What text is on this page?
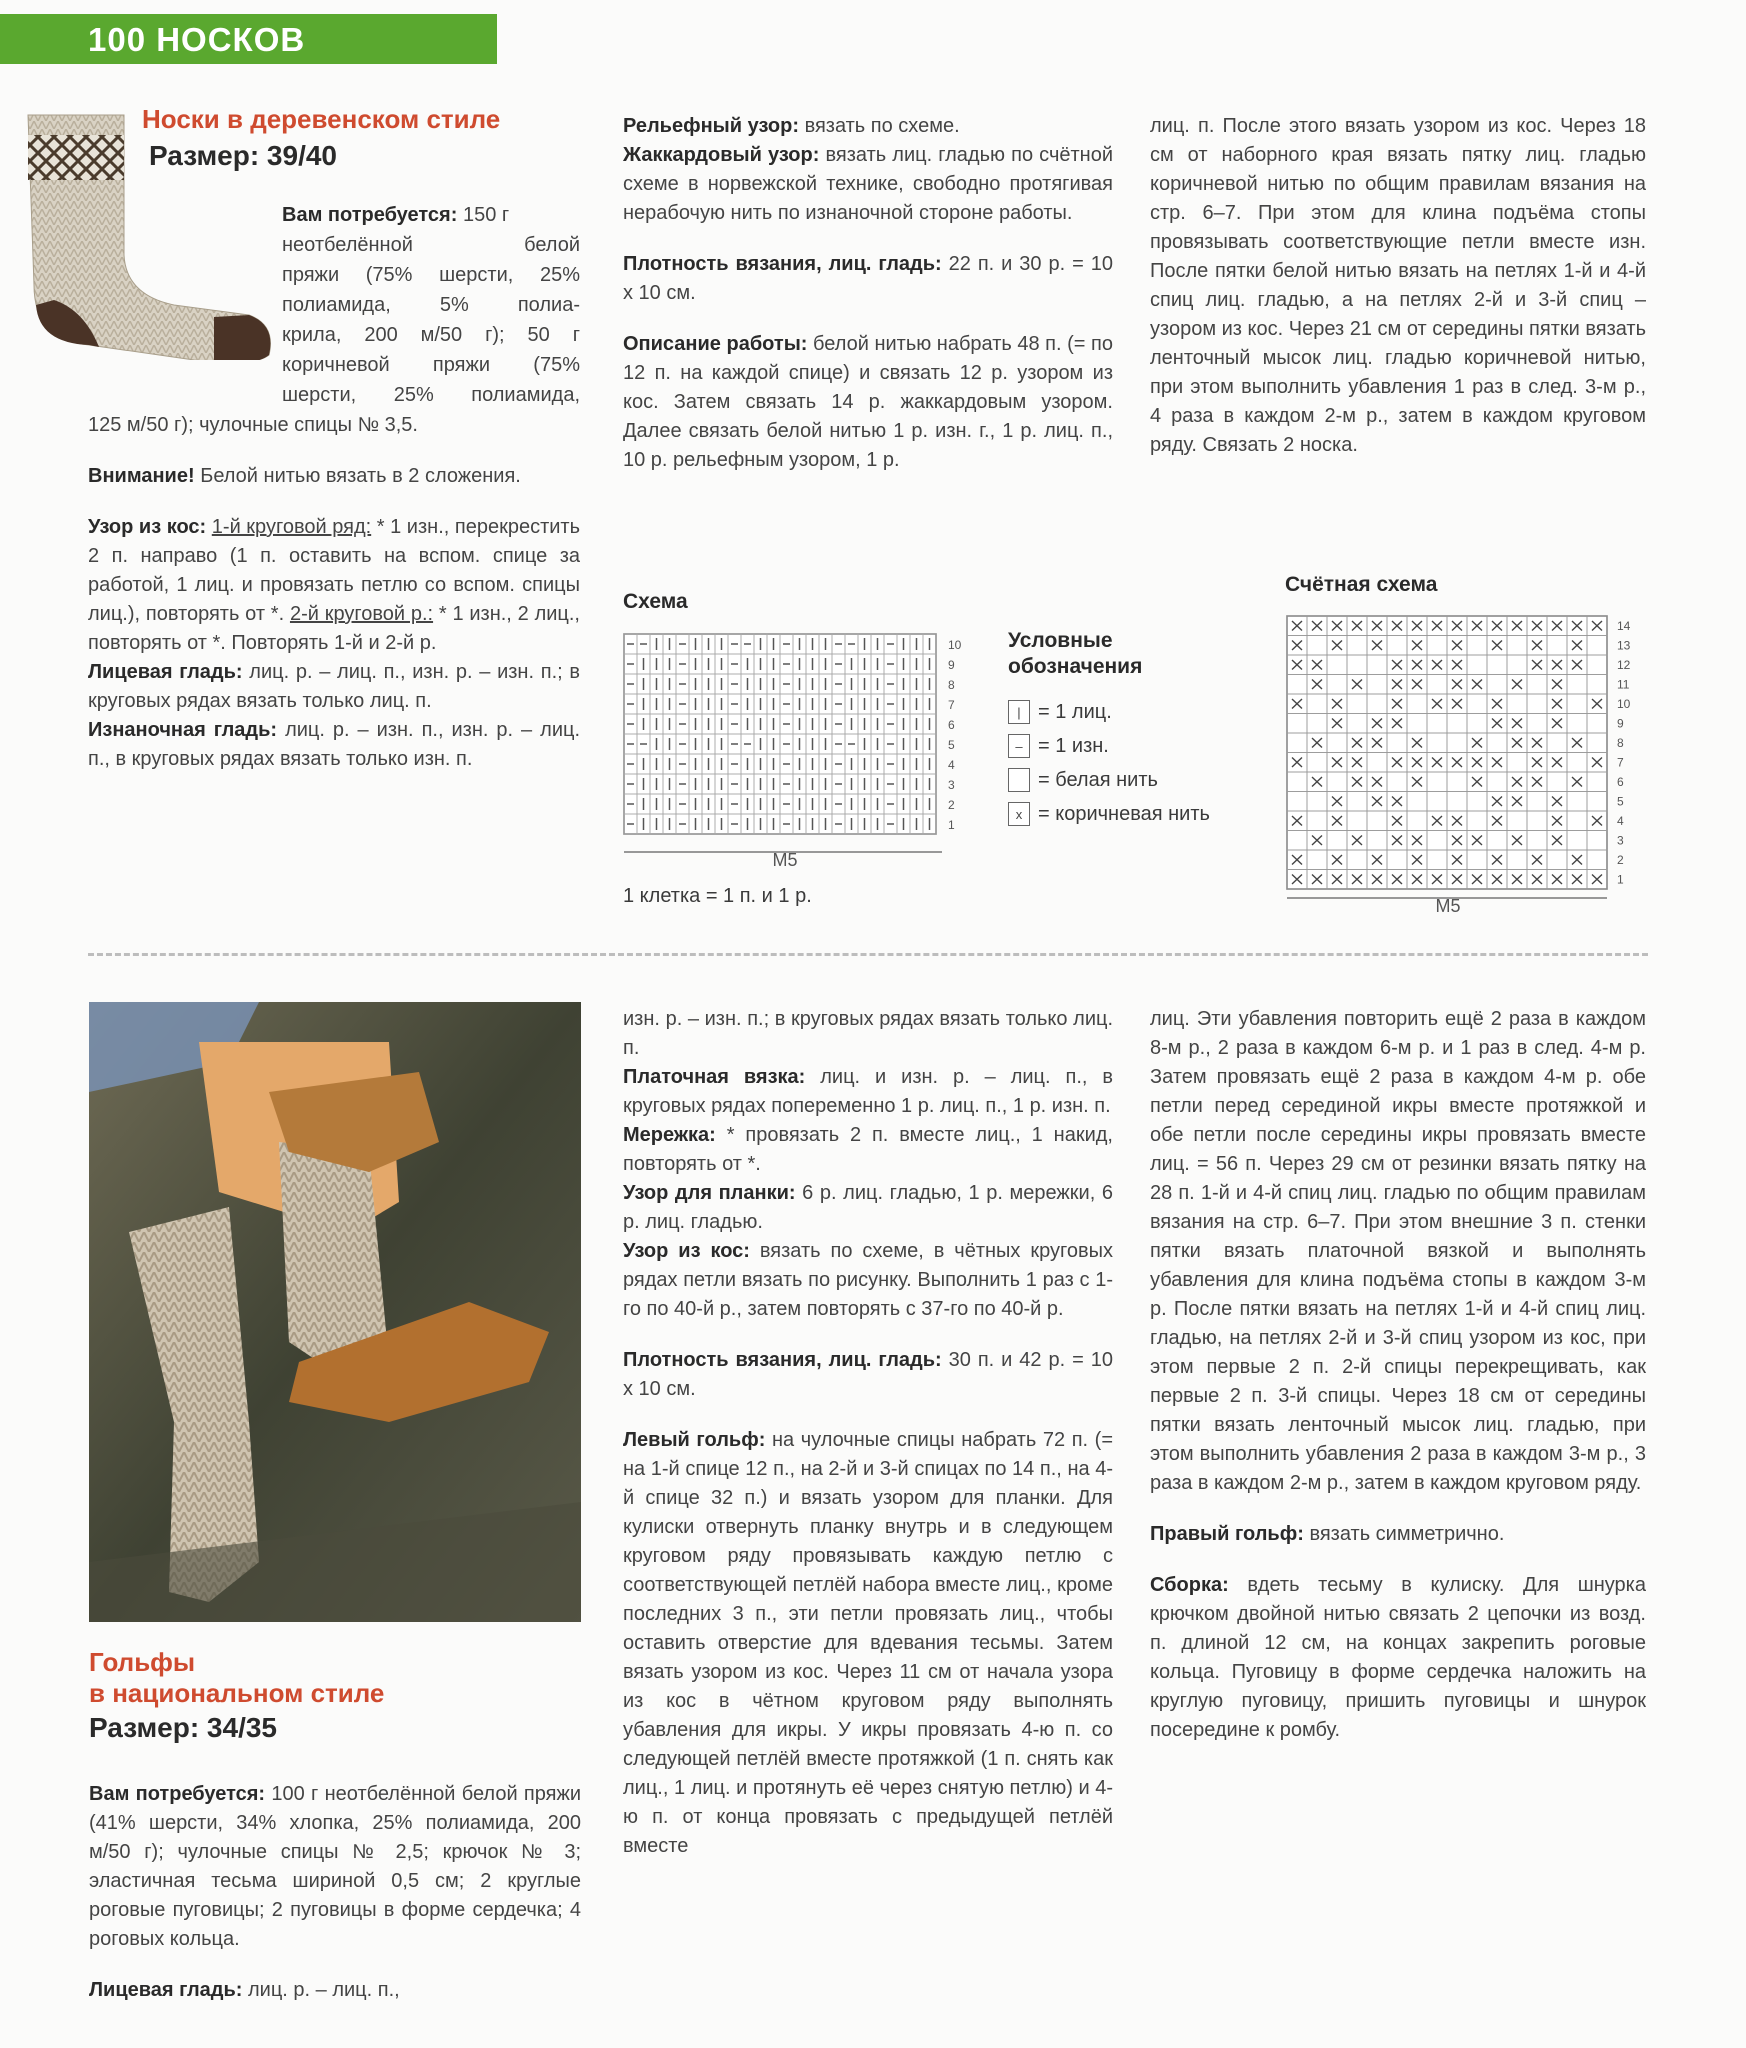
100 НОСКОВ
Носки в деревенском стиле
Размер: 39/40

Вам потребуется: 150 г

неотбелённой белой

пряжи (75% шерсти, 25%

полиамида, 5% полиа-

крила, 200 м/50 г); 50 г

коричневой пряжи (75%

шерсти, 25% полиамида,

125 м/50 г); чулочные спицы № 3,5.

Внимание! Белой нитью вязать в 2 сложения.

Узор из кос: 1-й круговой ряд: * 1 изн., перекрестить 2 п. направо (1 п. оставить на вспом. спице за работой, 1 лиц. и провязать петлю со вспом. спицы лиц.), повторять от *. 2-й круговой р.: * 1 изн., 2 лиц., повторять от *. Повторять 1-й и 2-й р.

Лицевая гладь: лиц. р. – лиц. п., изн. р. – изн. п.; в круговых рядах вязать только лиц. п.

Изнаночная гладь: лиц. р. – изн. п., изн. р. – лиц. п., в круговых рядах вязать только изн. п.

Рельефный узор: вязать по схеме.

Жаккардовый узор: вязать лиц. гладью по счётной схеме в норвежской технике, свободно протягивая нерабочую нить по изнаночной стороне работы.

Плотность вязания, лиц. гладь: 22 п. и 30 р. = 10 х 10 см.

Описание работы: белой нитью набрать 48 п. (= по 12 п. на каждой спице) и связать 12 р. узором из кос. Затем связать 14 р. жаккардовым узором. Далее связать белой нитью 1 р. изн. г., 1 р. лиц. п., 10 р. рельефным узором, 1 р.

лиц. п. После этого вязать узором из кос. Через 18 см от наборного края вязать пятку лиц. гладью коричневой нитью по общим правилам вязания на стр. 6–7. При этом для клина подъёма стопы провязывать соответствующие петли вместе изн. После пятки белой нитью вязать на петлях 1-й и 4-й спиц лиц. гладью, а на петлях 2-й и 3-й спиц – узором из кос. Через 21 см от середины пятки вязать ленточный мысок лиц. гладью коричневой нитью, при этом выполнить убавления 1 раз в след. 3-м р., 4 раза в каждом 2-м р., затем в каждом круговом ряду. Связать 2 носка.

Схема
10
9
8
7
6
5
4
3
2
1
М5
1 клетка = 1 п. и 1 р.
Условные обозначения
| = 1 лиц.
– = 1 изн.
= белая нить
x = коричневая нить
Счётная схема
14
13
12
11
10
9
8
7
6
5
4
3
2
1
М5

Гольфы

в национальном стиле

Размер: 34/35

Вам потребуется: 100 г неотбелённой белой пряжи (41% шерсти, 34% хлопка, 25% полиамида, 200 м/50 г); чулочные спицы № 2,5; крючок № 3; эластичная тесьма шириной 0,5 см; 2 круглые роговые пуговицы; 2 пуговицы в форме сердечка; 4 роговых кольца.

Лицевая гладь: лиц. р. – лиц. п.,

изн. р. – изн. п.; в круговых рядах вязать только лиц. п.

Платочная вязка: лиц. и изн. р. – лиц. п., в круговых рядах попеременно 1 р. лиц. п., 1 р. изн. п.

Мережка: * провязать 2 п. вместе лиц., 1 накид, повторять от *.

Узор для планки: 6 р. лиц. гладью, 1 р. мережки, 6 р. лиц. гладью.

Узор из кос: вязать по схеме, в чётных круговых рядах петли вязать по рисунку. Выполнить 1 раз с 1-го по 40-й р., затем повторять с 37-го по 40-й р.

Плотность вязания, лиц. гладь: 30 п. и 42 р. = 10 х 10 см.

Левый гольф: на чулочные спицы набрать 72 п. (= на 1-й спице 12 п., на 2-й и 3-й спицах по 14 п., на 4-й спице 32 п.) и вязать узором для планки. Для кулиски отвернуть планку внутрь и в следующем круговом ряду провязывать каждую петлю с соответствующей петлёй набора вместе лиц., кроме последних 3 п., эти петли провязать лиц., чтобы оставить отверстие для вдевания тесьмы. Затем вязать узором из кос. Через 11 см от начала узора из кос в чётном круговом ряду выполнять убавления для икры. У икры провязать 4-ю п. со следующей петлёй вместе протяжкой (1 п. снять как лиц., 1 лиц. и протянуть её через снятую петлю) и 4-ю п. от конца провязать с предыдущей петлёй вместе

лиц. Эти убавления повторить ещё 2 раза в каждом 8-м р., 2 раза в каждом 6-м р. и 1 раз в след. 4-м р. Затем провязать ещё 2 раза в каждом 4-м р. обе петли перед серединой икры вместе протяжкой и обе петли после середины икры провязать вместе лиц. = 56 п. Через 29 см от резинки вязать пятку на 28 п. 1-й и 4-й спиц лиц. гладью по общим правилам вязания на стр. 6–7. При этом внешние 3 п. стенки пятки вязать платочной вязкой и выполнять убавления для клина подъёма стопы в каждом 3-м р. После пятки вязать на петлях 1-й и 4-й спиц лиц. гладью, на петлях 2-й и 3-й спиц узором из кос, при этом первые 2 п. 2-й спицы перекрещивать, как первые 2 п. 3-й спицы. Через 18 см от середины пятки вязать ленточный мысок лиц. гладью, при этом выполнить убавления 2 раза в каждом 3-м р., 3 раза в каждом 2-м р., затем в каждом круговом ряду.

Правый гольф: вязать симметрично.

Сборка: вдеть тесьму в кулиску. Для шнурка крючком двойной нитью связать 2 цепочки из возд. п. длиной 12 см, на концах закрепить роговые кольца. Пуговицу в форме сердечка наложить на круглую пуговицу, пришить пуговицы и шнурок посередине к ромбу.
